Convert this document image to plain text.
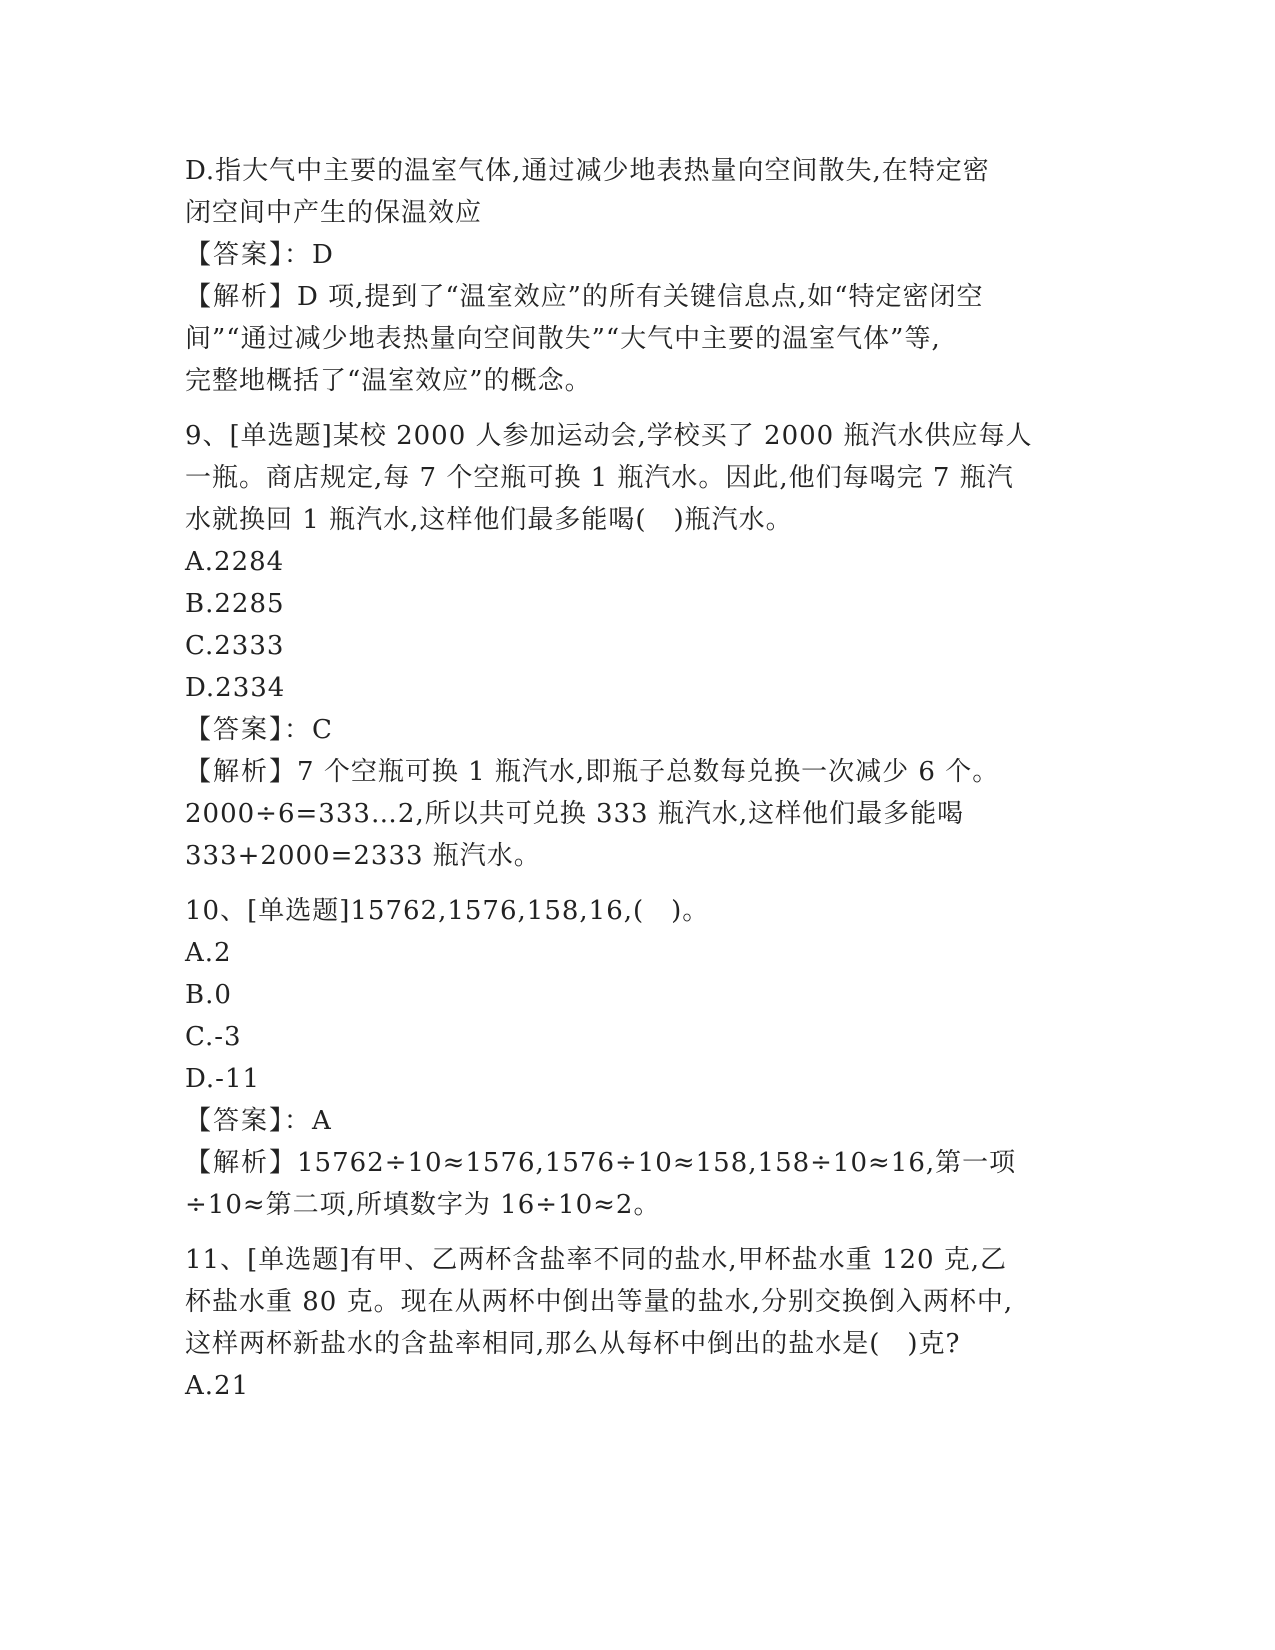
D.指大气中主要的温室气体,通过减少地表热量向空间散失,在特定密
闭空间中产生的保温效应
【答案】：D
【解析】D 项,提到了“温室效应”的所有关键信息点,如“特定密闭空
间”“通过减少地表热量向空间散失”“大气中主要的温室气体”等,
完整地概括了“温室效应”的概念。
9、[单选题]某校 2000 人参加运动会,学校买了 2000 瓶汽水供应每人
一瓶。商店规定,每 7 个空瓶可换 1 瓶汽水。因此,他们每喝完 7 瓶汽
水就换回 1 瓶汽水,这样他们最多能喝(　)瓶汽水。
A.2284
B.2285
C.2333
D.2334
【答案】：C
【解析】7 个空瓶可换 1 瓶汽水,即瓶子总数每兑换一次减少 6 个。
2000÷6=333…2,所以共可兑换 333 瓶汽水,这样他们最多能喝
333+2000=2333 瓶汽水。
10、[单选题]15762,1576,158,16,(　)。
A.2
B.0
C.-3
D.-11
【答案】：A
【解析】15762÷10≈1576,1576÷10≈158,158÷10≈16,第一项
÷10≈第二项,所填数字为 16÷10≈2。
11、[单选题]有甲、乙两杯含盐率不同的盐水,甲杯盐水重 120 克,乙
杯盐水重 80 克。现在从两杯中倒出等量的盐水,分别交换倒入两杯中,
这样两杯新盐水的含盐率相同,那么从每杯中倒出的盐水是(　)克?
A.21
